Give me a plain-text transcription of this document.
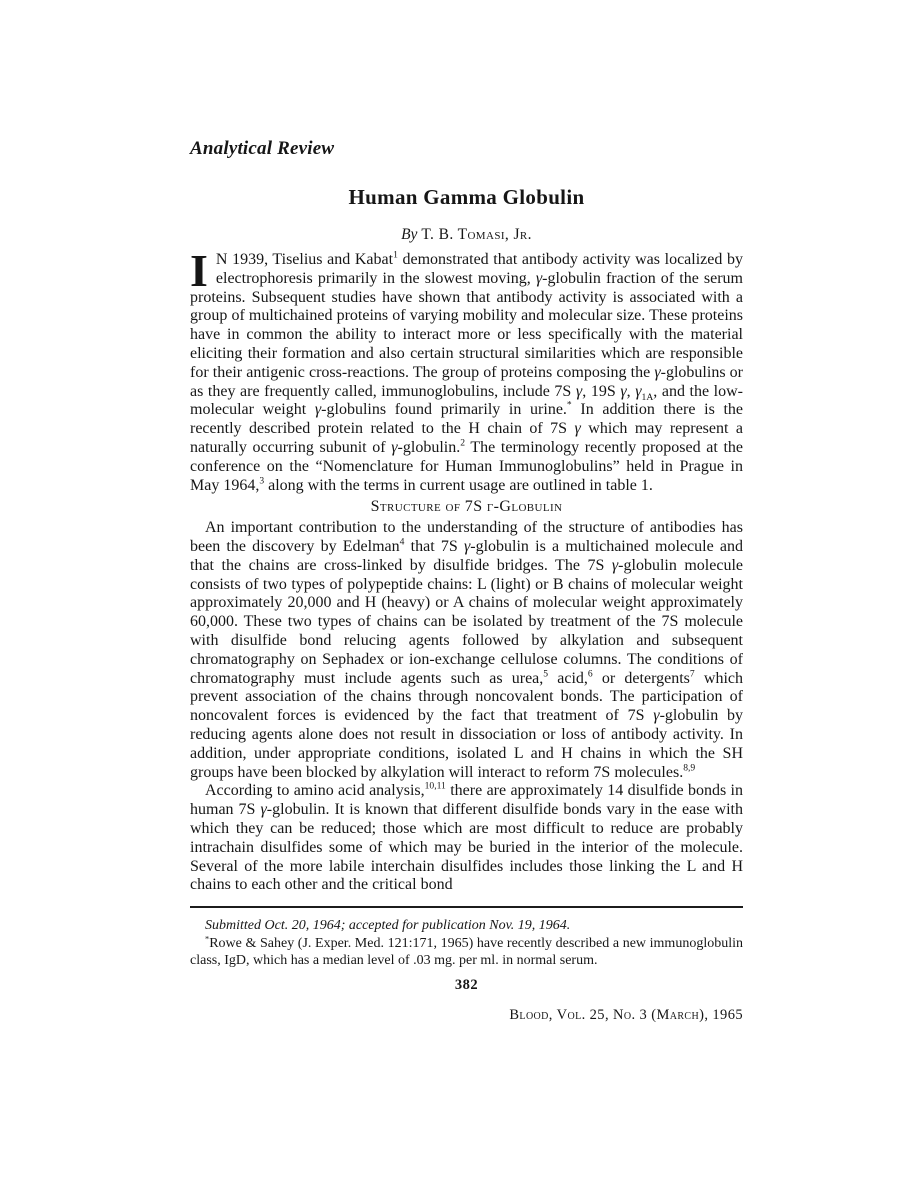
Analytical Review
Human Gamma Globulin
By T. B. Tomasi, Jr.

I N 1939, Tiselius and Kabat$^1$ demonstrated that antibody activity was localized by electrophoresis primarily in the slowest moving, γ-globulin fraction of the serum proteins. Subsequent studies have shown that antibody activity is associated with a group of multichained proteins of varying mobility and molecular size. These proteins have in common the ability to interact more or less specifically with the material eliciting their formation and also certain structural similarities which are responsible for their antigenic cross-reactions. The group of proteins composing the γ-globulins or as they are frequently called, immunoglobulins, include 7S γ, 19S γ, $\gamma_{1A}$, and the low-molecular weight γ-globulins found primarily in urine.* In addition there is the recently described protein related to the H chain of 7S γ which may represent a naturally occurring subunit of γ-globulin.$^2$ The terminology recently proposed at the conference on the “Nomenclature for Human Immunoglobulins” held in Prague in May 1964,$^3$ along with the terms in current usage are outlined in table 1.

Structure of 7S γ-Globulin

An important contribution to the understanding of the structure of antibodies has been the discovery by Edelman$^4$ that 7S γ-globulin is a multichained molecule and that the chains are cross-linked by disulfide bridges. The 7S γ-globulin molecule consists of two types of polypeptide chains: L (light) or B chains of molecular weight approximately 20,000 and H (heavy) or A chains of molecular weight approximately 60,000. These two types of chains can be isolated by treatment of the 7S molecule with disulfide bond relucing agents followed by alkylation and subsequent chromatography on Sephadex or ion-exchange cellulose columns. The conditions of chromatography must include agents such as urea,$^5$ acid,$^6$ or detergents$^7$ which prevent association of the chains through noncovalent bonds. The participation of noncovalent forces is evidenced by the fact that treatment of 7S γ-globulin by reducing agents alone does not result in dissociation or loss of antibody activity. In addition, under appropriate conditions, isolated L and H chains in which the SH groups have been blocked by alkylation will interact to reform 7S molecules.$^{8,9}$

According to amino acid analysis,$^{10,11}$ there are approximately 14 disulfide bonds in human 7S γ-globulin. It is known that different disulfide bonds vary in the ease with which they can be reduced; those which are most difficult to reduce are probably intrachain disulfides some of which may be buried in the interior of the molecule. Several of the more labile interchain disulfides includes those linking the L and H chains to each other and the critical bond

Submitted Oct. 20, 1964; accepted for publication Nov. 19, 1964.
*Rowe & Sahey (J. Exper. Med. 121:171, 1965) have recently described a new immunoglobulin class, IgD, which has a median level of .03 mg. per ml. in normal serum.
382
Blood, Vol. 25, No. 3 (March), 1965
